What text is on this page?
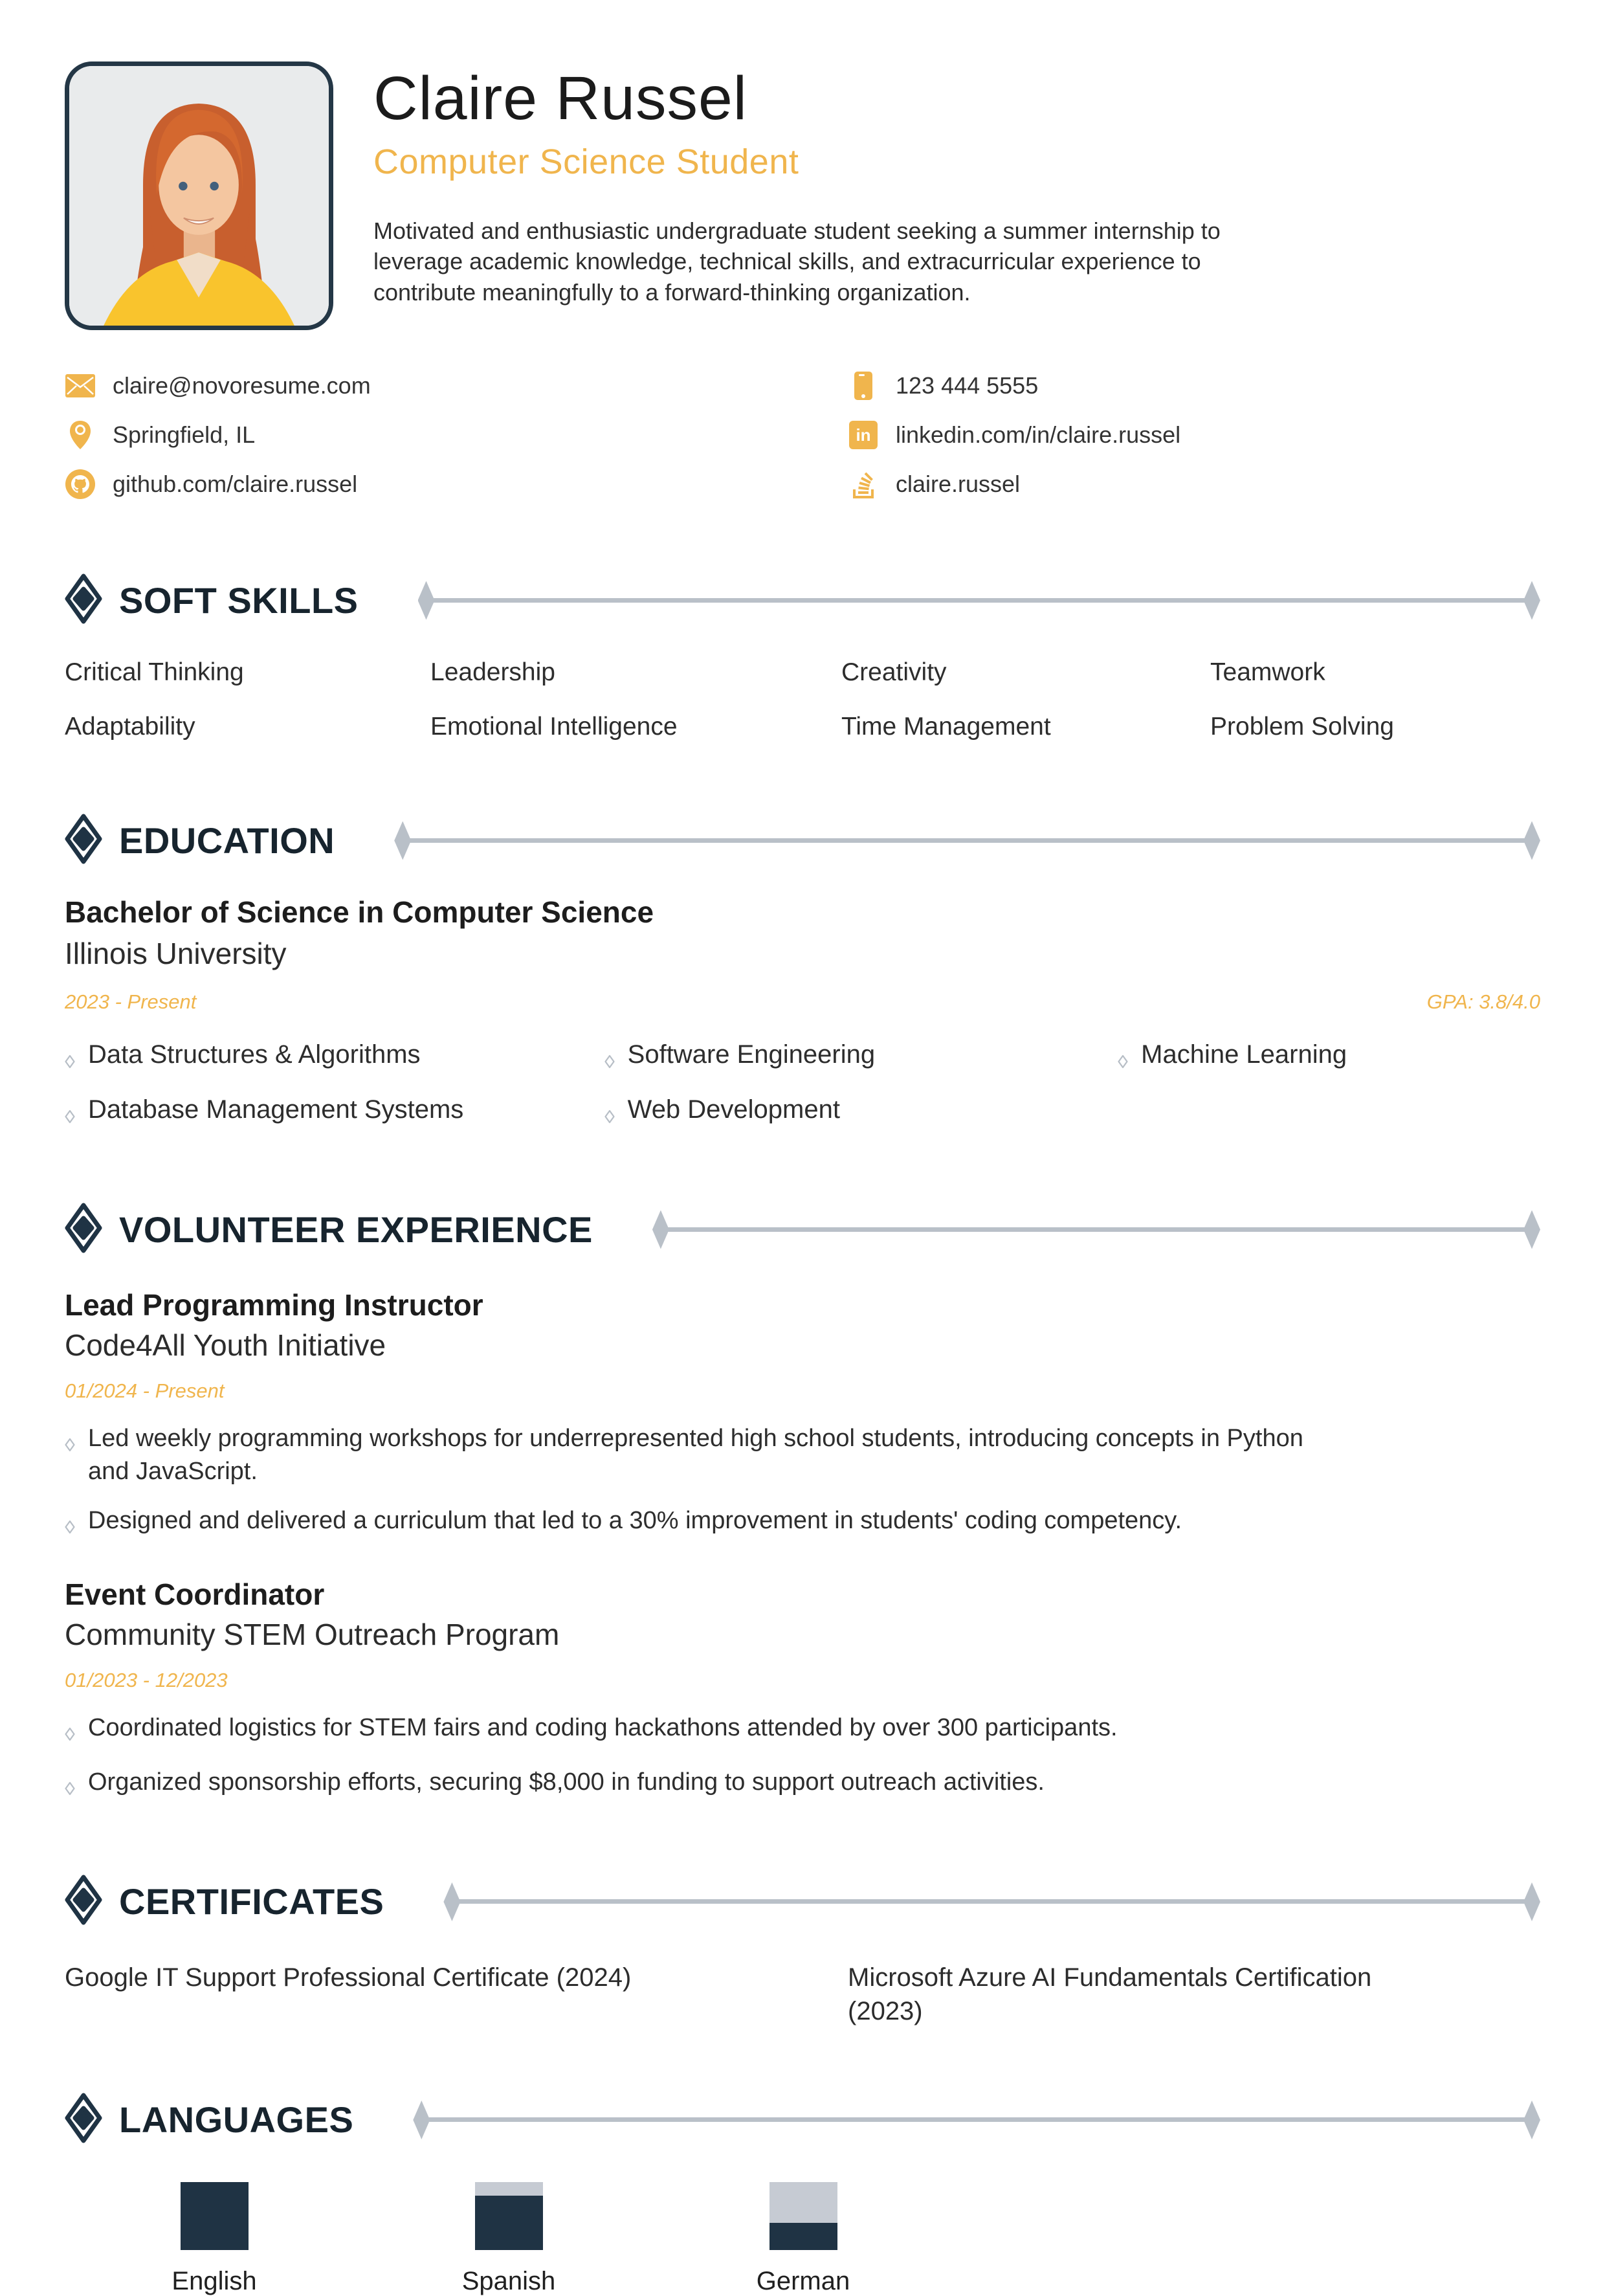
Claire Russel
Computer Science Student
Motivated and enthusiastic undergraduate student seeking a summer internship to leverage academic knowledge, technical skills, and extracurricular experience to contribute meaningfully to a forward-thinking organization.
claire@novoresume.com
Springfield, IL
github.com/claire.russel
123 444 5555
in linkedin.com/in/claire.russel
claire.russel
SOFT SKILLS
Critical Thinking	Leadership	Creativity	Teamwork
Adaptability	Emotional Intelligence	Time Management	Problem Solving
EDUCATION
Bachelor of Science in Computer Science
Illinois University
2023 - Present	GPA: 3.8/4.0
Data Structures & Algorithms	Software Engineering	Machine Learning
Database Management Systems	Web Development
VOLUNTEER EXPERIENCE
Lead Programming Instructor
Code4All Youth Initiative
01/2024 - Present
Led weekly programming workshops for underrepresented high school students, introducing concepts in Python and JavaScript.
Designed and delivered a curriculum that led to a 30% improvement in students' coding competency.
Event Coordinator
Community STEM Outreach Program
01/2023 - 12/2023
Coordinated logistics for STEM fairs and coding hackathons attended by over 300 participants.
Organized sponsorship efforts, securing $8,000 in funding to support outreach activities.
CERTIFICATES
Google IT Support Professional Certificate (2024)	Microsoft Azure AI Fundamentals Certification (2023)
LANGUAGES
English	Spanish	German
